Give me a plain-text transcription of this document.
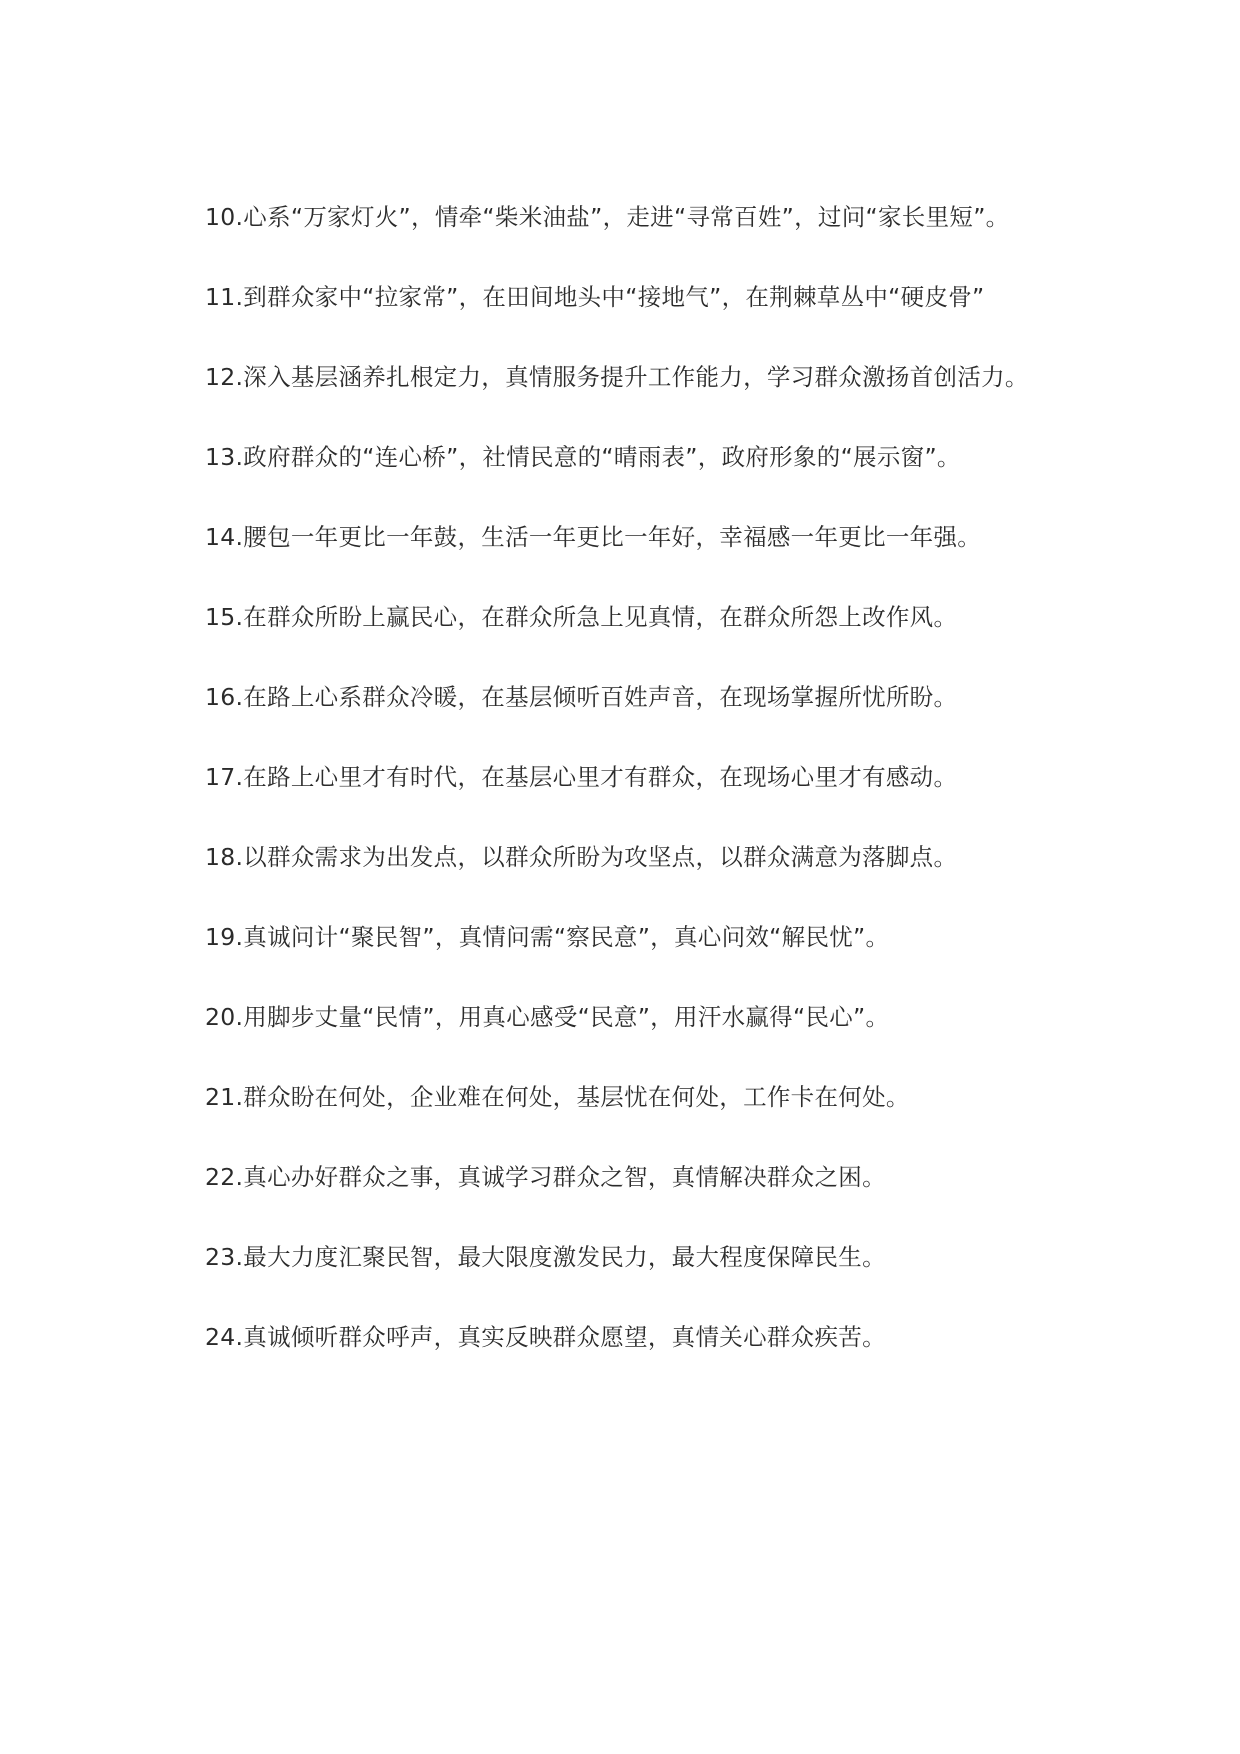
10.心系“万家灯火”，情牵“柴米油盐”，走进“寻常百姓”，过问“家长里短”。

11.到群众家中“拉家常”，在田间地头中“接地气”，在荆棘草丛中“硬皮骨”

12.深入基层涵养扎根定力，真情服务提升工作能力，学习群众激扬首创活力。

13.政府群众的“连心桥”，社情民意的“晴雨表”，政府形象的“展示窗”。

14.腰包一年更比一年鼓，生活一年更比一年好，幸福感一年更比一年强。

15.在群众所盼上赢民心，在群众所急上见真情，在群众所怨上改作风。

16.在路上心系群众冷暖，在基层倾听百姓声音，在现场掌握所忧所盼。

17.在路上心里才有时代，在基层心里才有群众，在现场心里才有感动。

18.以群众需求为出发点，以群众所盼为攻坚点，以群众满意为落脚点。

19.真诚问计“聚民智”，真情问需“察民意”，真心问效“解民忧”。

20.用脚步丈量“民情”，用真心感受“民意”，用汗水赢得“民心”。

21.群众盼在何处，企业难在何处，基层忧在何处，工作卡在何处。

22.真心办好群众之事，真诚学习群众之智，真情解决群众之困。

23.最大力度汇聚民智，最大限度激发民力，最大程度保障民生。

24.真诚倾听群众呼声，真实反映群众愿望，真情关心群众疾苦。
